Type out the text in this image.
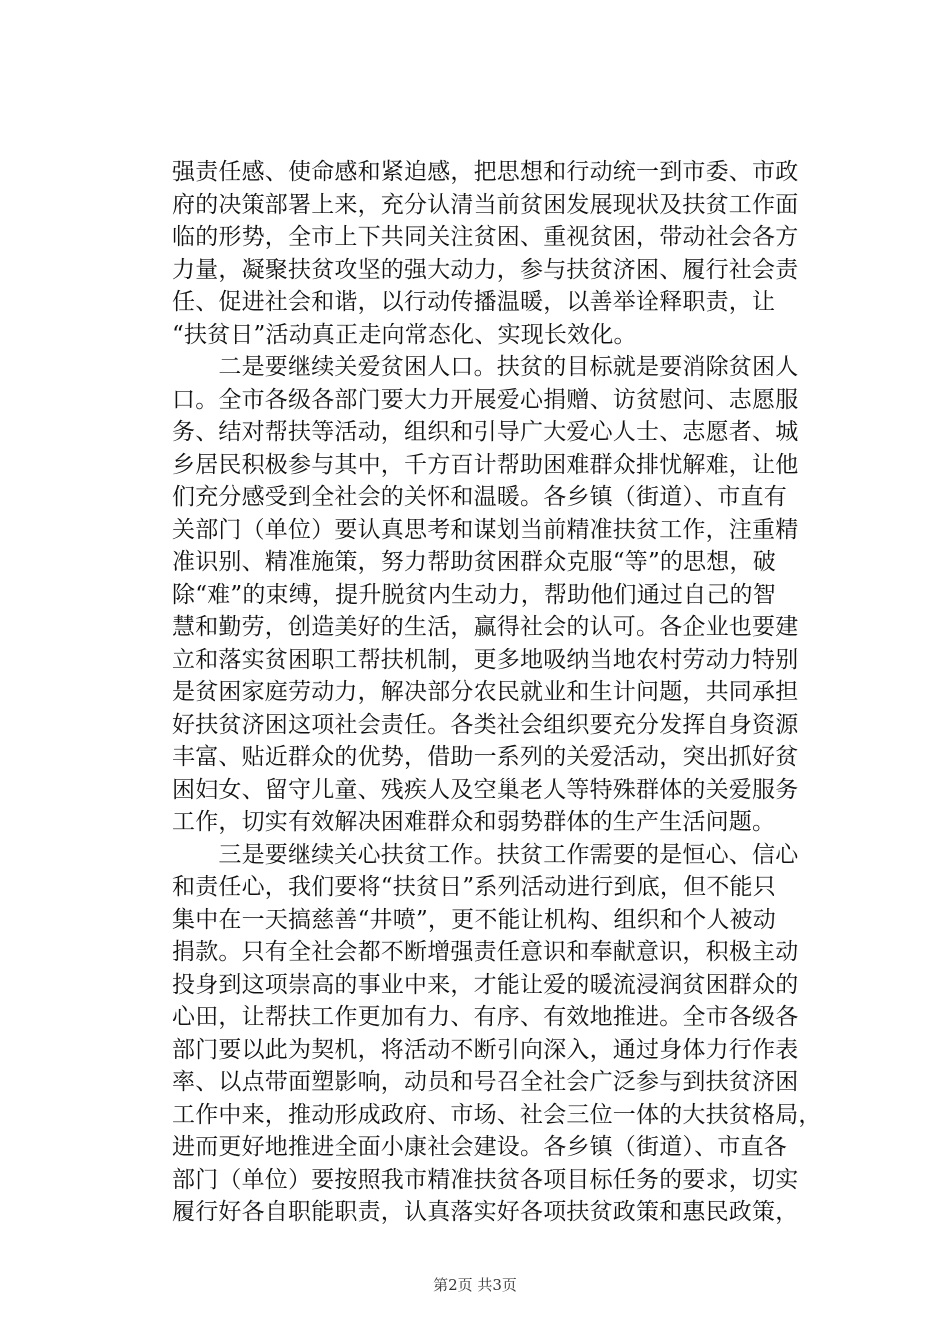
强责任感、使命感和紧迫感，把思想和行动统一到市委、市政
府的决策部署上来，充分认清当前贫困发展现状及扶贫工作面
临的形势，全市上下共同关注贫困、重视贫困，带动社会各方
力量，凝聚扶贫攻坚的强大动力，参与扶贫济困、履行社会责
任、促进社会和谐，以行动传播温暖，以善举诠释职责，让
“扶贫日”活动真正走向常态化、实现长效化。
　　二是要继续关爱贫困人口。扶贫的目标就是要消除贫困人
口。全市各级各部门要大力开展爱心捐赠、访贫慰问、志愿服
务、结对帮扶等活动，组织和引导广大爱心人士、志愿者、城
乡居民积极参与其中，千方百计帮助困难群众排忧解难，让他
们充分感受到全社会的关怀和温暖。各乡镇（街道）、市直有
关部门（单位）要认真思考和谋划当前精准扶贫工作，注重精
准识别、精准施策，努力帮助贫困群众克服“等”的思想，破
除“难”的束缚，提升脱贫内生动力，帮助他们通过自己的智
慧和勤劳，创造美好的生活，赢得社会的认可。各企业也要建
立和落实贫困职工帮扶机制，更多地吸纳当地农村劳动力特别
是贫困家庭劳动力，解决部分农民就业和生计问题，共同承担
好扶贫济困这项社会责任。各类社会组织要充分发挥自身资源
丰富、贴近群众的优势，借助一系列的关爱活动，突出抓好贫
困妇女、留守儿童、残疾人及空巢老人等特殊群体的关爱服务
工作，切实有效解决困难群众和弱势群体的生产生活问题。
　　三是要继续关心扶贫工作。扶贫工作需要的是恒心、信心
和责任心，我们要将“扶贫日”系列活动进行到底，但不能只
集中在一天搞慈善“井喷”，更不能让机构、组织和个人被动
捐款。只有全社会都不断增强责任意识和奉献意识，积极主动
投身到这项崇高的事业中来，才能让爱的暖流浸润贫困群众的
心田，让帮扶工作更加有力、有序、有效地推进。全市各级各
部门要以此为契机，将活动不断引向深入，通过身体力行作表
率、以点带面塑影响，动员和号召全社会广泛参与到扶贫济困
工作中来，推动形成政府、市场、社会三位一体的大扶贫格局，
进而更好地推进全面小康社会建设。各乡镇（街道）、市直各
部门（单位）要按照我市精准扶贫各项目标任务的要求，切实
履行好各自职能职责，认真落实好各项扶贫政策和惠民政策，
第2页 共3页
